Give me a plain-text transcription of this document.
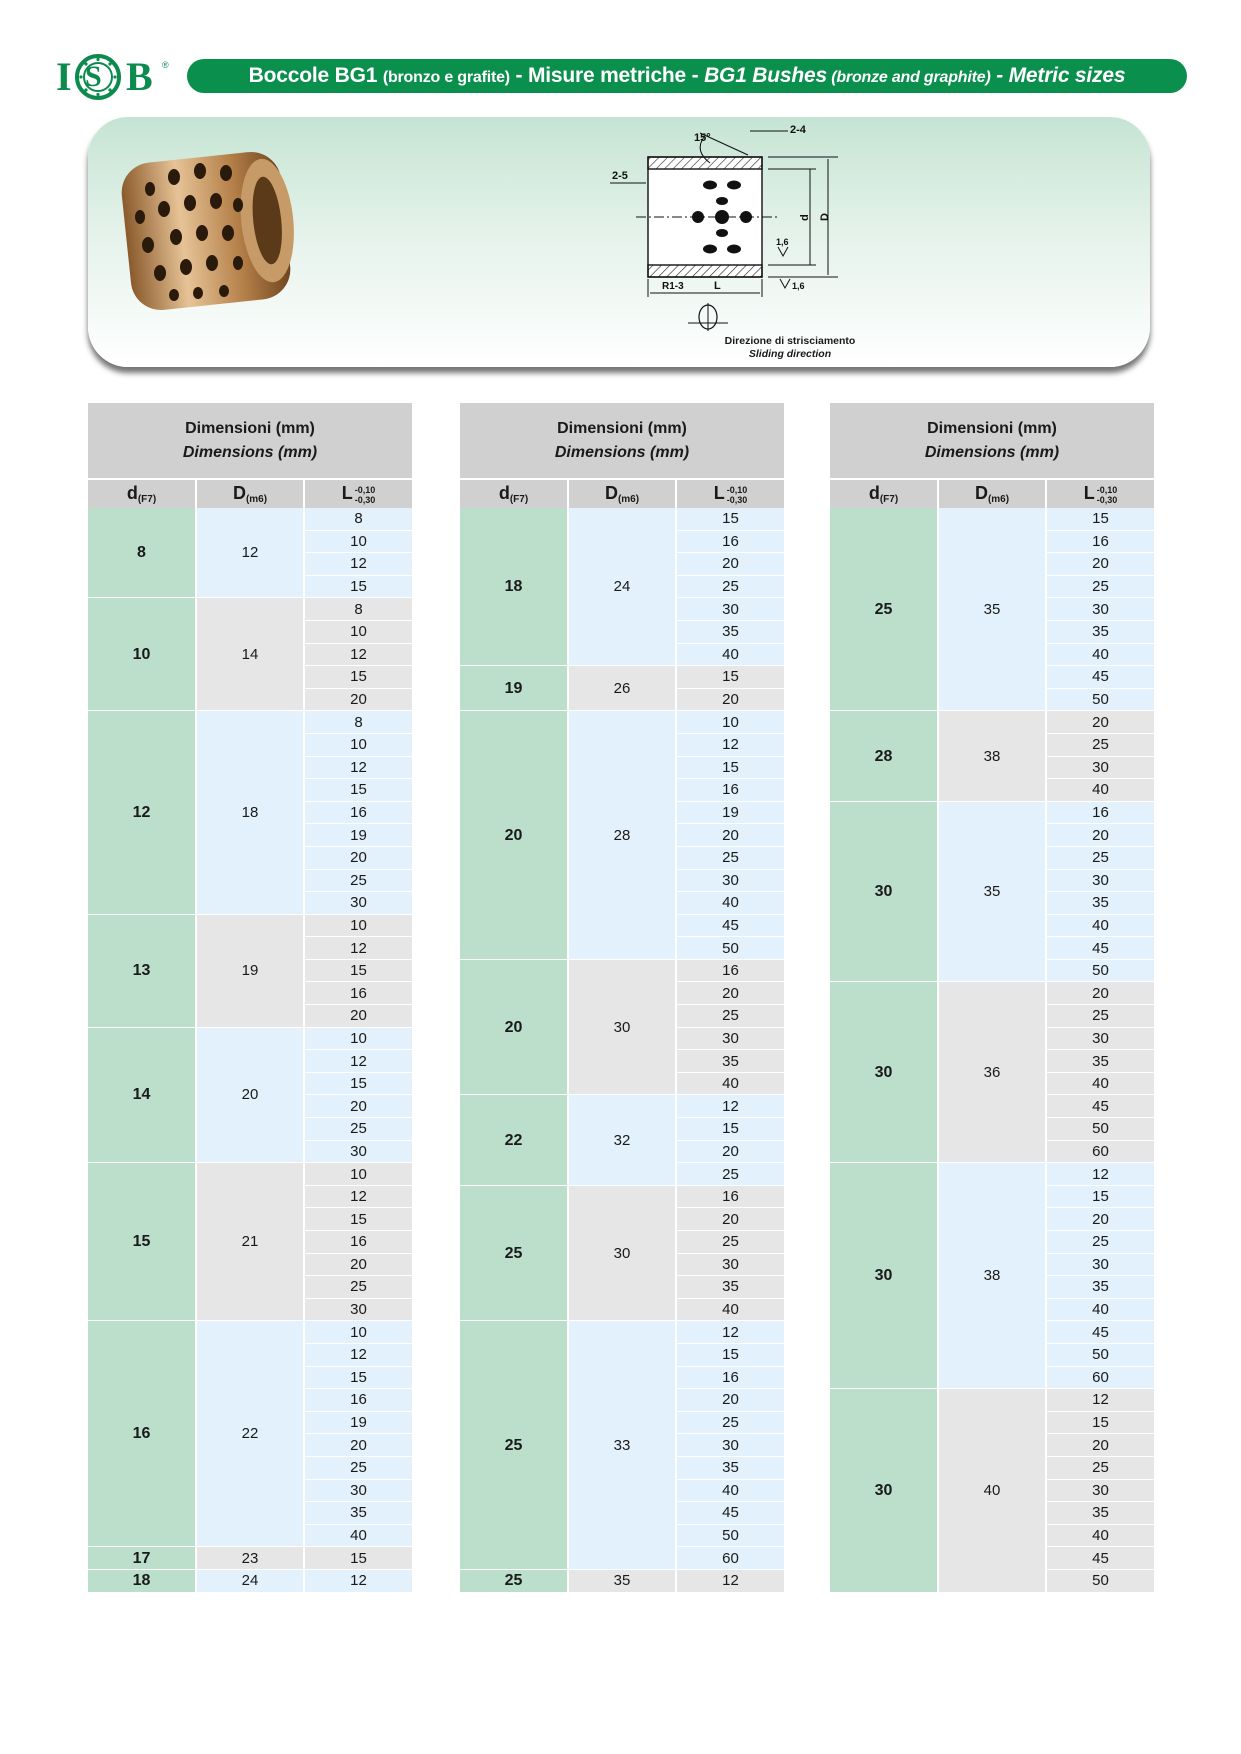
I S B ®	Boccole BG1 (bronzo e grafite) - Misure metriche - BG1 Bushes (bronze and graphite) - Metric sizes
15°
2-4
2-5
d D
1,6
1,6
R1-3	L
Direzione di strisciamento
Sliding direction
Dimensioni (mm)
Dimensions (mm)		

$d_{(F7)}$	$D_{(m6)}$	L -0,10
-0,30
8	12	8
		10
		12
		15
10	14	8
		10
		12
		15
		20
12	18	8
		10
		12
		15
		16
		19
		20
		25
		30
13	19	10
		12
		15
		16
		20
14	20	10
		12
		15
		20
		25
		30
15	21	10
		12
		15
		16
		20
		25
		30
16	22	10
		12
		15
		16
		19
		20
		25
		30
		35
		40
17	23	15
18	24	12
Dimensioni (mm)
Dimensions (mm)		

$d_{(F7)}$	$D_{(m6)}$	L -0,10
-0,30
18	24	15
		16
		20
		25
		30
		35
		40
19	26	15
		20
20	28	10
		12
		15
		16
		19
		20
		25
		30
		40
		45
		50
20	30	16
		20
		25
		30
		35
		40
22	32	12
		15
		20
		25
25	30	16
		20
		25
		30
		35
		40
25	33	12
		15
		16
		20
		25
		30
		35
		40
		45
		50
		60
25	35	12
Dimensioni (mm)
Dimensions (mm)		

$d_{(F7)}$	$D_{(m6)}$	L -0,10
-0,30
25	35	15
		16
		20
		25
		30
		35
		40
		45
		50
28	38	20
		25
		30
		40
30	35	16
		20
		25
		30
		35
		40
		45
		50
30	36	20
		25
		30
		35
		40
		45
		50
		60
30	38	12
		15
		20
		25
		30
		35
		40
		45
		50
		60
30	40	12
		15
		20
		25
		30
		35
		40
		45
		50
